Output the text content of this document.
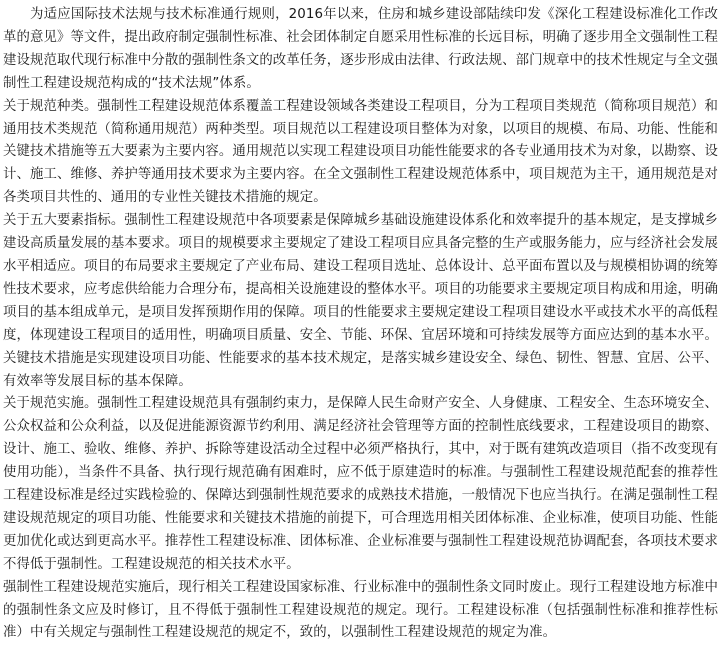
为适应国际技术法规与技术标准通行规则，2016年以来，住房和城乡建设部陆续印发《深化工程建设标准化工作改革的意见》等文件，提出政府制定强制性标准、社会团体制定自愿采用性标准的长远目标，明确了逐步用全文强制性工程建设规范取代现行标准中分散的强制性条文的改革任务，逐步形成由法律、行政法规、部门规章中的技术性规定与全文强制性工程建设规范构成的“技术法规”体系。

关于规范种类。强制性工程建设规范体系覆盖工程建设领域各类建设工程项目，分为工程项目类规范（简称项目规范）和通用技术类规范（简称通用规范）两种类型。项目规范以工程建设项目整体为对象，以项目的规模、布局、功能、性能和关键技术措施等五大要素为主要内容。通用规范以实现工程建设项目功能性能要求的各专业通用技术为对象，以勘察、设计、施工、维修、养护等通用技术要求为主要内容。在全文强制性工程建设规范体系中，项目规范为主干，通用规范是对各类项目共性的、通用的专业性关键技术措施的规定。

关于五大要素指标。强制性工程建设规范中各项要素是保障城乡基础设施建设体系化和效率提升的基本规定，是支撑城乡建设高质量发展的基本要求。项目的规模要求主要规定了建设工程项目应具备完整的生产或服务能力，应与经济社会发展水平相适应。项目的布局要求主要规定了产业布局、建设工程项目选址、总体设计、总平面布置以及与规模相协调的统筹性技术要求，应考虑供给能力合理分布，提高相关设施建设的整体水平。项目的功能要求主要规定项目构成和用途，明确项目的基本组成单元，是项目发挥预期作用的保障。项目的性能要求主要规定建设工程项目建设水平或技术水平的高低程度，体现建设工程项目的适用性，明确项目质量、安全、节能、环保、宜居环境和可持续发展等方面应达到的基本水平。关键技术措施是实现建设项目功能、性能要求的基本技术规定，是落实城乡建设安全、绿色、韧性、智慧、宜居、公平、有效率等发展目标的基本保障。

关于规范实施。强制性工程建设规范具有强制约束力，是保障人民生命财产安全、人身健康、工程安全、生态环境安全、公众权益和公众利益，以及促进能源资源节约利用、满足经济社会管理等方面的控制性底线要求，工程建设项目的勘察、设计、施工、验收、维修、养护、拆除等建设活动全过程中必须严格执行，其中，对于既有建筑改造项目（指不改变现有使用功能），当条件不具备、执行现行规范确有困难时，应不低于原建造时的标准。与强制性工程建设规范配套的推荐性工程建设标准是经过实践检验的、保障达到强制性规范要求的成熟技术措施，一般情况下也应当执行。在满足强制性工程建设规范规定的项目功能、性能要求和关键技术措施的前提下，可合理选用相关团体标准、企业标准，使项目功能、性能更加优化或达到更高水平。推荐性工程建设标准、团体标准、企业标准要与强制性工程建设规范协调配套，各项技术要求不得低于强制性。工程建设规范的相关技术水平。

强制性工程建设规范实施后，现行相关工程建设国家标准、行业标准中的强制性条文同时废止。现行工程建设地方标准中的强制性条文应及时修订，且不得低于强制性工程建设规范的规定。现行。工程建设标准（包括强制性标准和推荐性标准）中有关规定与强制性工程建设规范的规定不，致的，以强制性工程建设规范的规定为准。
